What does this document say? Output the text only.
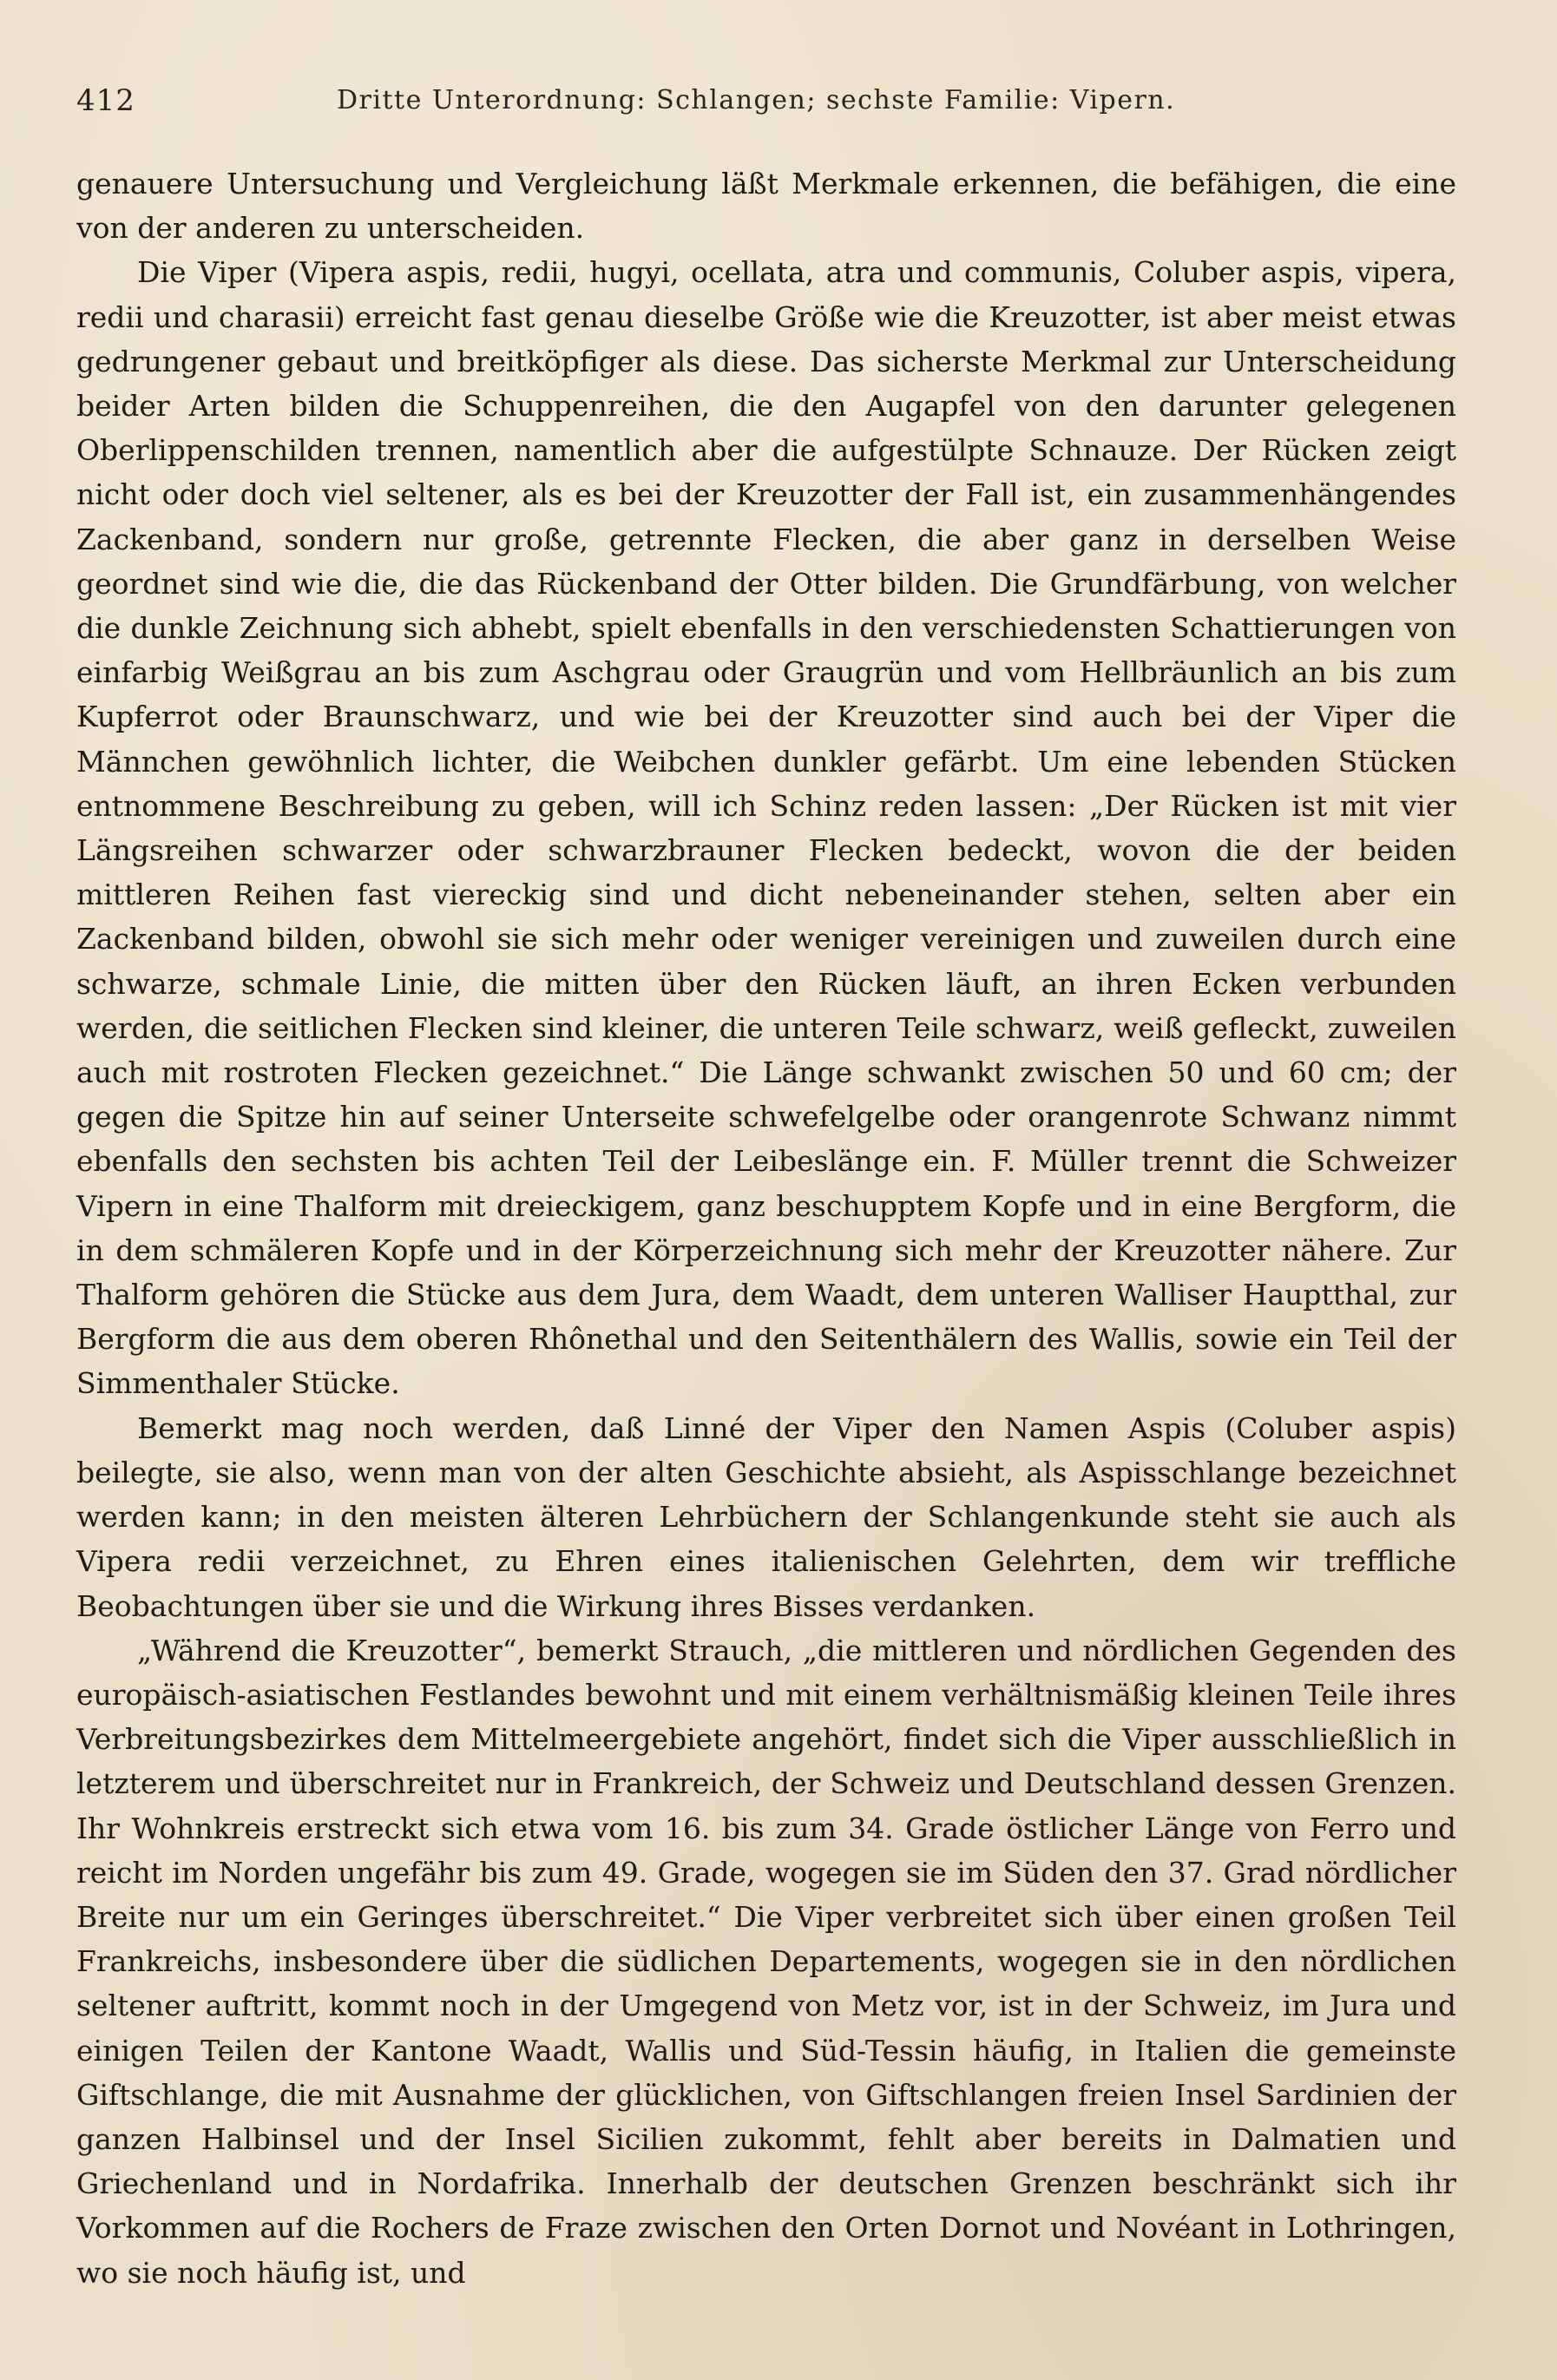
412	Dritte Unterordnung: Schlangen; sechste Familie: Vipern.

genauere Untersuchung und Vergleichung läßt Merkmale erkennen, die befähigen, die eine von der anderen zu unterscheiden.

Die Viper (Vipera aspis, redii, hugyi, ocellata, atra und communis, Coluber aspis, vipera, redii und charasii) erreicht fast genau dieselbe Größe wie die Kreuzotter, ist aber meist etwas gedrungener gebaut und breitköpfiger als diese. Das sicherste Merkmal zur Unterscheidung beider Arten bilden die Schuppenreihen, die den Augapfel von den darunter gelegenen Oberlippenschilden trennen, namentlich aber die aufgestülpte Schnauze. Der Rücken zeigt nicht oder doch viel seltener, als es bei der Kreuzotter der Fall ist, ein zusammenhängendes Zackenband, sondern nur große, getrennte Flecken, die aber ganz in derselben Weise geordnet sind wie die, die das Rückenband der Otter bilden. Die Grundfärbung, von welcher die dunkle Zeichnung sich abhebt, spielt ebenfalls in den verschiedensten Schattierungen von einfarbig Weißgrau an bis zum Aschgrau oder Graugrün und vom Hellbräunlich an bis zum Kupferrot oder Braunschwarz, und wie bei der Kreuzotter sind auch bei der Viper die Männchen gewöhnlich lichter, die Weibchen dunkler gefärbt. Um eine lebenden Stücken entnommene Beschreibung zu geben, will ich Schinz reden lassen: „Der Rücken ist mit vier Längsreihen schwarzer oder schwarzbrauner Flecken bedeckt, wovon die der beiden mittleren Reihen fast viereckig sind und dicht nebeneinander stehen, selten aber ein Zackenband bilden, obwohl sie sich mehr oder weniger vereinigen und zuweilen durch eine schwarze, schmale Linie, die mitten über den Rücken läuft, an ihren Ecken verbunden werden, die seitlichen Flecken sind kleiner, die unteren Teile schwarz, weiß gefleckt, zuweilen auch mit rostroten Flecken gezeichnet.“ Die Länge schwankt zwischen 50 und 60 cm; der gegen die Spitze hin auf seiner Unterseite schwefelgelbe oder orangenrote Schwanz nimmt ebenfalls den sechsten bis achten Teil der Leibeslänge ein. F. Müller trennt die Schweizer Vipern in eine Thalform mit dreieckigem, ganz beschupptem Kopfe und in eine Bergform, die in dem schmäleren Kopfe und in der Körperzeichnung sich mehr der Kreuzotter nähere. Zur Thalform gehören die Stücke aus dem Jura, dem Waadt, dem unteren Walliser Hauptthal, zur Bergform die aus dem oberen Rhônethal und den Seitenthälern des Wallis, sowie ein Teil der Simmenthaler Stücke.

Bemerkt mag noch werden, daß Linné der Viper den Namen Aspis (Coluber aspis) beilegte, sie also, wenn man von der alten Geschichte absieht, als Aspisschlange bezeichnet werden kann; in den meisten älteren Lehrbüchern der Schlangenkunde steht sie auch als Vipera redii verzeichnet, zu Ehren eines italienischen Gelehrten, dem wir treffliche Beobachtungen über sie und die Wirkung ihres Bisses verdanken.

„Während die Kreuzotter“, bemerkt Strauch, „die mittleren und nördlichen Gegenden des europäisch-asiatischen Festlandes bewohnt und mit einem verhältnismäßig kleinen Teile ihres Verbreitungsbezirkes dem Mittelmeergebiete angehört, findet sich die Viper ausschließlich in letzterem und überschreitet nur in Frankreich, der Schweiz und Deutschland dessen Grenzen. Ihr Wohnkreis erstreckt sich etwa vom 16. bis zum 34. Grade östlicher Länge von Ferro und reicht im Norden ungefähr bis zum 49. Grade, wogegen sie im Süden den 37. Grad nördlicher Breite nur um ein Geringes überschreitet.“ Die Viper verbreitet sich über einen großen Teil Frankreichs, insbesondere über die südlichen Departements, wogegen sie in den nördlichen seltener auftritt, kommt noch in der Umgegend von Metz vor, ist in der Schweiz, im Jura und einigen Teilen der Kantone Waadt, Wallis und Süd-Tessin häufig, in Italien die gemeinste Giftschlange, die mit Ausnahme der glücklichen, von Giftschlangen freien Insel Sardinien der ganzen Halbinsel und der Insel Sicilien zukommt, fehlt aber bereits in Dalmatien und Griechenland und in Nordafrika. Innerhalb der deutschen Grenzen beschränkt sich ihr Vorkommen auf die Rochers de Fraze zwischen den Orten Dornot und Novéant in Lothringen, wo sie noch häufig ist, und
